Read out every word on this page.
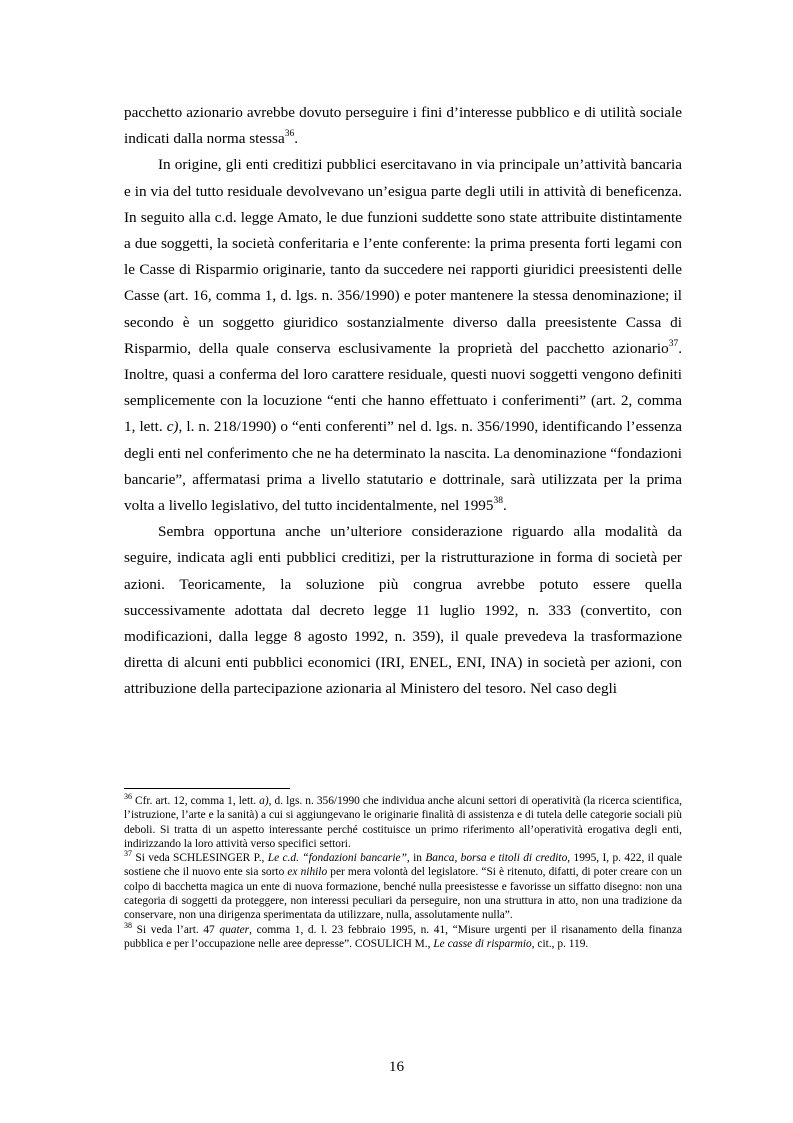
pacchetto azionario avrebbe dovuto perseguire i fini d’interesse pubblico e di utilità sociale indicati dalla norma stessa$^{36}$.

In origine, gli enti creditizi pubblici esercitavano in via principale un’attività bancaria e in via del tutto residuale devolvevano un’esigua parte degli utili in attività di beneficenza. In seguito alla c.d. legge Amato, le due funzioni suddette sono state attribuite distintamente a due soggetti, la società conferitaria e l’ente conferente: la prima presenta forti legami con le Casse di Risparmio originarie, tanto da succedere nei rapporti giuridici preesistenti delle Casse (art. 16, comma 1, d. lgs. n. 356/1990) e poter mantenere la stessa denominazione; il secondo è un soggetto giuridico sostanzialmente diverso dalla preesistente Cassa di Risparmio, della quale conserva esclusivamente la proprietà del pacchetto azionario$^{37}$. Inoltre, quasi a conferma del loro carattere residuale, questi nuovi soggetti vengono definiti semplicemente con la locuzione “enti che hanno effettuato i conferimenti” (art. 2, comma 1, lett. c), l. n. 218/1990) o “enti conferenti” nel d. lgs. n. 356/1990, identificando l’essenza degli enti nel conferimento che ne ha determinato la nascita. La denominazione “fondazioni bancarie”, affermatasi prima a livello statutario e dottrinale, sarà utilizzata per la prima volta a livello legislativo, del tutto incidentalmente, nel 1995$^{38}$.

Sembra opportuna anche un’ulteriore considerazione riguardo alla modalità da seguire, indicata agli enti pubblici creditizi, per la ristrutturazione in forma di società per azioni. Teoricamente, la soluzione più congrua avrebbe potuto essere quella successivamente adottata dal decreto legge 11 luglio 1992, n. 333 (convertito, con modificazioni, dalla legge 8 agosto 1992, n. 359), il quale prevedeva la trasformazione diretta di alcuni enti pubblici economici (IRI, ENEL, ENI, INA) in società per azioni, con attribuzione della partecipazione azionaria al Ministero del tesoro. Nel caso degli

$^{36}$ Cfr. art. 12, comma 1, lett. a), d. lgs. n. 356/1990 che individua anche alcuni settori di operatività (la ricerca scientifica, l’istruzione, l’arte e la sanità) a cui si aggiungevano le originarie finalità di assistenza e di tutela delle categorie sociali più deboli. Si tratta di un aspetto interessante perché costituisce un primo riferimento all’operatività erogativa degli enti, indirizzando la loro attività verso specifici settori.

$^{37}$ Si veda SCHLESINGER P., Le c.d. “fondazioni bancarie”, in Banca, borsa e titoli di credito, 1995, I, p. 422, il quale sostiene che il nuovo ente sia sorto ex nihilo per mera volontà del legislatore. “Si è ritenuto, difatti, di poter creare con un colpo di bacchetta magica un ente di nuova formazione, benché nulla preesistesse e favorisse un siffatto disegno: non una categoria di soggetti da proteggere, non interessi peculiari da perseguire, non una struttura in atto, non una tradizione da conservare, non una dirigenza sperimentata da utilizzare, nulla, assolutamente nulla”.

$^{38}$ Si veda l’art. 47 quater, comma 1, d. l. 23 febbraio 1995, n. 41, “Misure urgenti per il risanamento della finanza pubblica e per l’occupazione nelle aree depresse”. COSULICH M., Le casse di risparmio, cit., p. 119.

16
